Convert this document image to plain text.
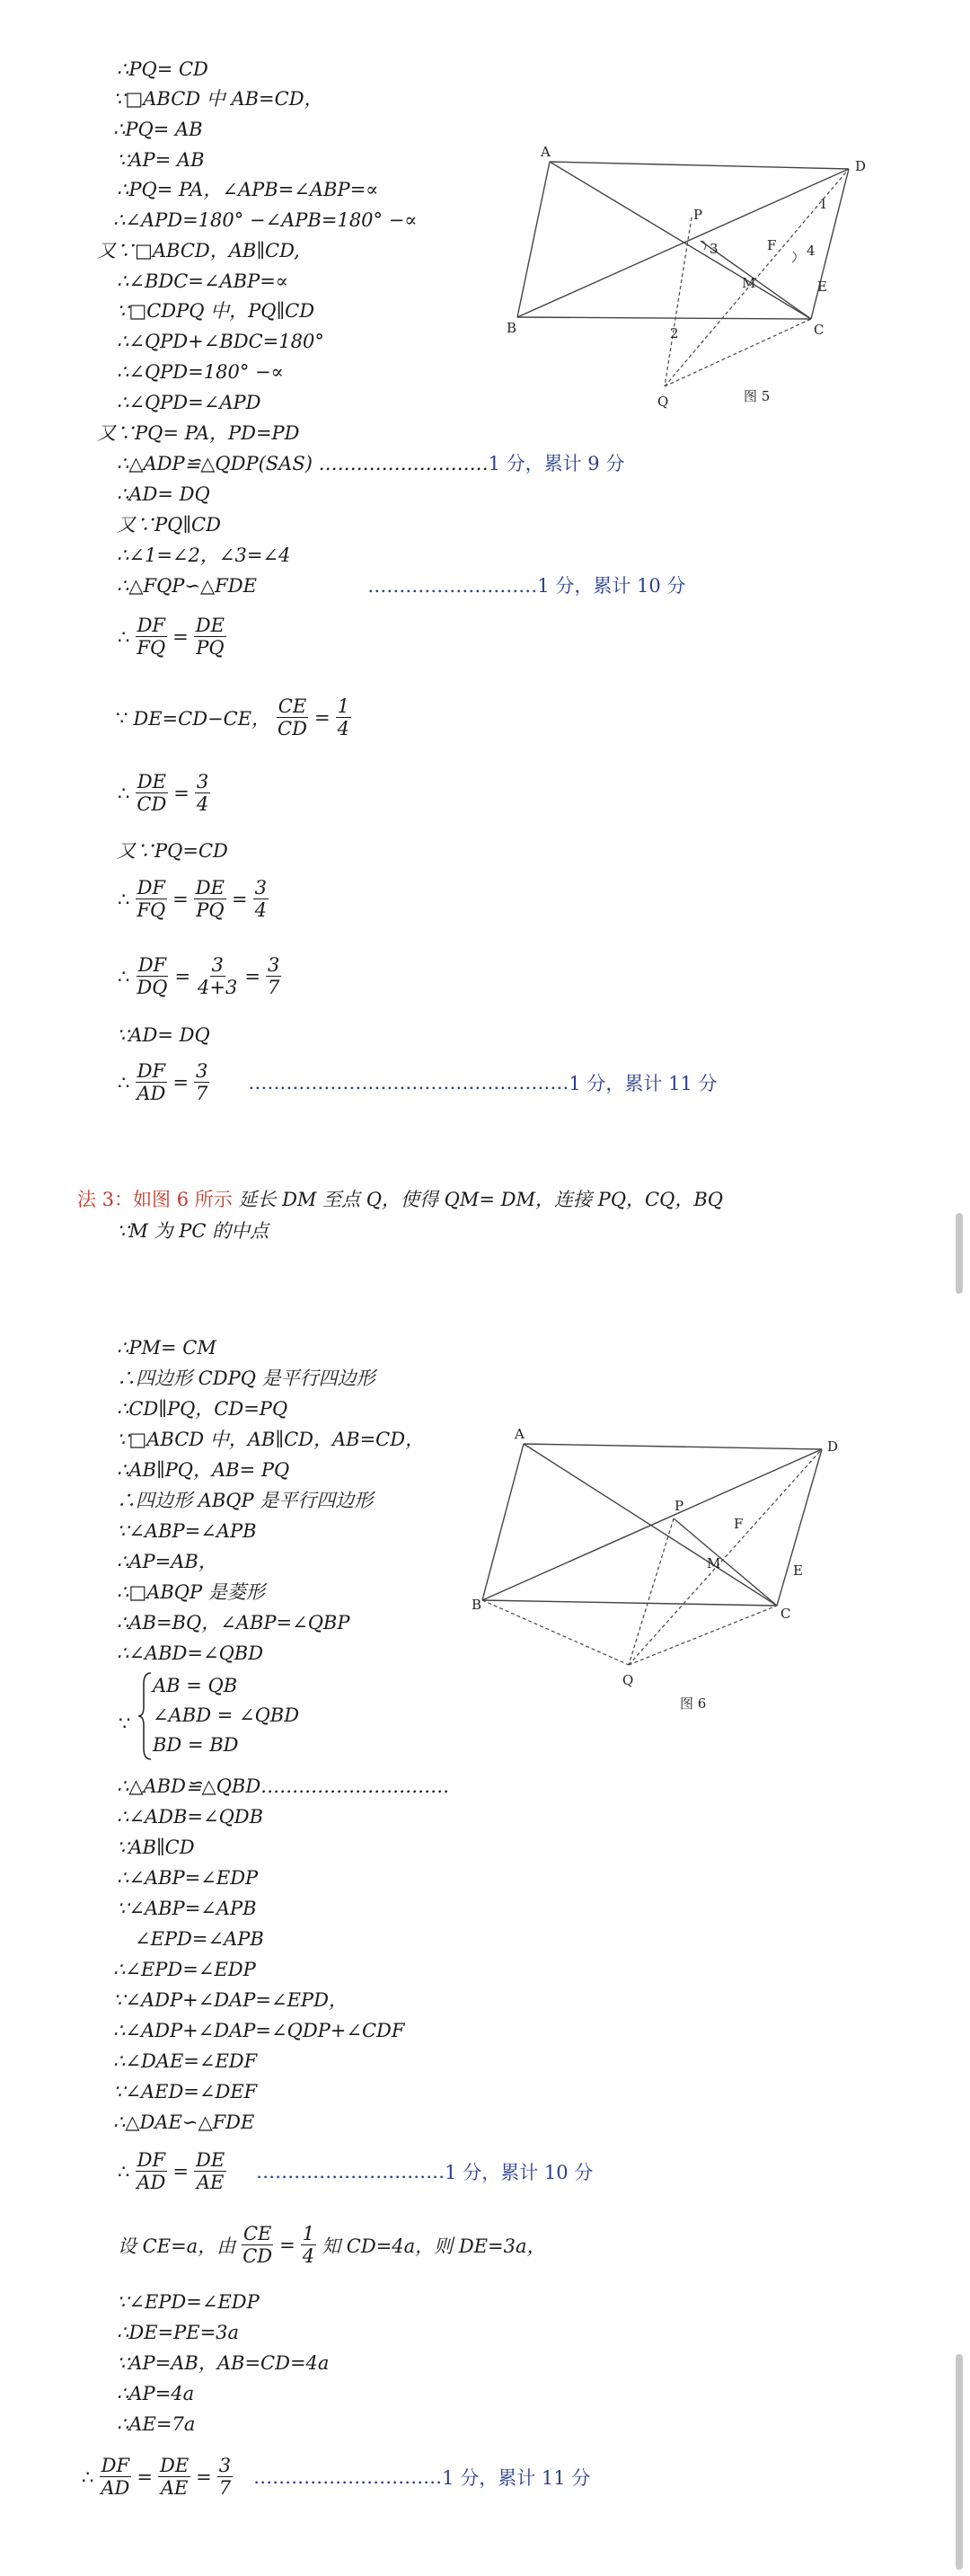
∴PQ= CD
∵□ABCD 中 AB=CD，
∴PQ= AB
∵AP= AB
∴PQ= PA，∠APB=∠ABP=∝
∴∠APD=180° −∠APB=180° −∝
又∵□ABCD，AB∥CD,
∴∠BDC=∠ABP=∝
∵□CDPQ 中，PQ∥CD
∴∠QPD+∠BDC=180°
∴∠QPD=180° −∝
∴∠QPD=∠APD
又∵PQ= PA，PD=PD
∴△ADP≌△QDP(SAS) ………………………1 分，累计 9 分
∴AD= DQ
又∵PQ∥CD
∴∠1=∠2，∠3=∠4
∴△FQP∽△FDE	………………………1 分，累计 10 分
∴ $\frac{DF}{FQ} = \frac{DE}{PQ}$
∵ DE=CD−CE， $\frac{CE}{CD} = \frac{1}{4}$
∴ $\frac{DE}{CD} = \frac{3}{4}$
又∵PQ=CD
∴ $\frac{DF}{FQ} = \frac{DE}{PQ} = \frac{3}{4}$
∴ $\frac{DF}{DQ} = \frac{3}{4+3} = \frac{3}{7}$
∵AD= DQ
∴ $\frac{DF}{AD} = \frac{3}{7}$ …………………………………………… 1 分，累计 11 分
A
D
B	C
P
Q
F
M	E
1
2
3	4
图 5
法 3：如图 6 所示 延长 DM 至点 Q，使得 QM= DM，连接 PQ，CQ，BQ
∵M 为 PC 的中点
∴PM= CM
∴四边形 CDPQ 是平行四边形
∴CD∥PQ，CD=PQ
∵□ABCD 中，AB∥CD，AB=CD，
∴AB∥PQ，AB= PQ
∴四边形 ABQP 是平行四边形
∵∠ABP=∠APB
∴AP=AB，
∴□ABQP 是菱形
∴AB=BQ，∠ABP=∠QBP
∴∠ABD=∠QBD
∵
AB = QB
∠ABD = ∠QBD
BD = BD
∴△ABD≌△QBD…………………………
∴∠ADB=∠QDB
∵AB∥CD
∴∠ABP=∠EDP
∵∠ABP=∠APB
∠EPD=∠APB
∴∠EPD=∠EDP
∵∠ADP+∠DAP=∠EPD，
∴∠ADP+∠DAP=∠QDP+∠CDF
∴∠DAE=∠EDF
∵∠AED=∠DEF
∴△DAE∽△FDE
∴ $\frac{DF}{AD} = \frac{DE}{AE}$ ………………………… 1 分，累计 10 分
设 CE=a，由 $\frac{CE}{CD} = \frac{1}{4}$ 知 CD=4a，则 DE=3a，
∵∠EPD=∠EDP
∴DE=PE=3a
∵AP=AB，AB=CD=4a
∴AP=4a
∴AE=7a
∴ $\frac{DF}{AD} = \frac{DE}{AE} = \frac{3}{7}$ ………………………… 1 分，累计 11 分
A
D
B
C
P
Q
F
M	E
图 6
